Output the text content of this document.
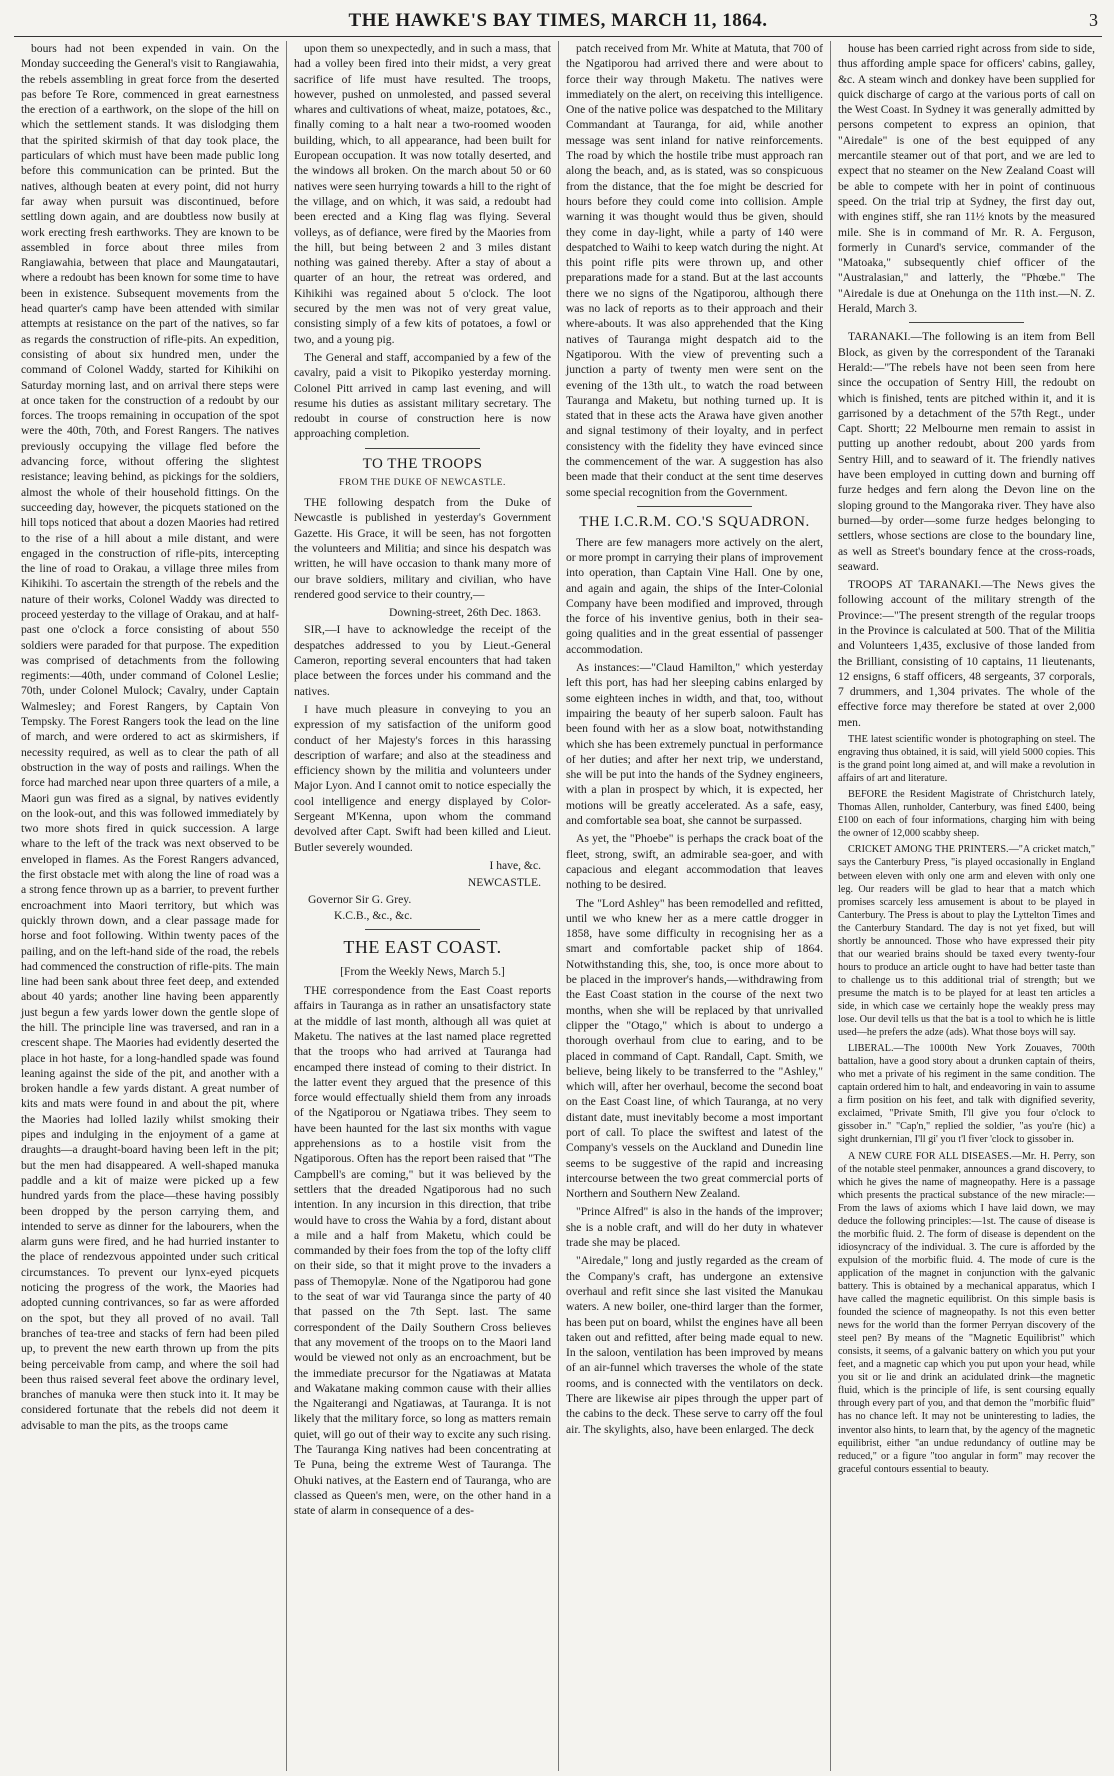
THE HAWKE'S BAY TIMES, MARCH 11, 1864.	3

bours had not been expended in vain. On the Monday succeeding the General's visit to Rangiawahia, the rebels assembling in great force from the deserted pas before Te Rore, commenced in great earnestness the erection of a earthwork, on the slope of the hill on which the settlement stands. It was dislodging them that the spirited skirmish of that day took place, the particulars of which must have been made public long before this communication can be printed. But the natives, although beaten at every point, did not hurry far away when pursuit was discontinued, before settling down again, and are doubtless now busily at work erecting fresh earthworks. They are known to be assembled in force about three miles from Rangiawahia, between that place and Maungatautari, where a redoubt has been known for some time to have been in existence. Subsequent movements from the head quarter's camp have been attended with similar attempts at resistance on the part of the natives, so far as regards the construction of rifle-pits. An expedition, consisting of about six hundred men, under the command of Colonel Waddy, started for Kihikihi on Saturday morning last, and on arrival there steps were at once taken for the construction of a redoubt by our forces. The troops remaining in occupation of the spot were the 40th, 70th, and Forest Rangers. The natives previously occupying the village fled before the advancing force, without offering the slightest resistance; leaving behind, as pickings for the soldiers, almost the whole of their household fittings. On the succeeding day, however, the picquets stationed on the hill tops noticed that about a dozen Maories had retired to the rise of a hill about a mile distant, and were engaged in the construction of rifle-pits, intercepting the line of road to Orakau, a village three miles from Kihikihi. To ascertain the strength of the rebels and the nature of their works, Colonel Waddy was directed to proceed yesterday to the village of Orakau, and at half-past one o'clock a force consisting of about 550 soldiers were paraded for that purpose. The expedition was comprised of detachments from the following regiments:—40th, under command of Colonel Leslie; 70th, under Colonel Mulock; Cavalry, under Captain Walmesley; and Forest Rangers, by Captain Von Tempsky. The Forest Rangers took the lead on the line of march, and were ordered to act as skirmishers, if necessity required, as well as to clear the path of all obstruction in the way of posts and railings. When the force had marched near upon three quarters of a mile, a Maori gun was fired as a signal, by natives evidently on the look-out, and this was followed immediately by two more shots fired in quick succession. A large whare to the left of the track was next observed to be enveloped in flames. As the Forest Rangers advanced, the first obstacle met with along the line of road was a a strong fence thrown up as a barrier, to prevent further encroachment into Maori territory, but which was quickly thrown down, and a clear passage made for horse and foot following. Within twenty paces of the pailing, and on the left-hand side of the road, the rebels had commenced the construction of rifle-pits. The main line had been sank about three feet deep, and extended about 40 yards; another line having been apparently just begun a few yards lower down the gentle slope of the hill. The principle line was traversed, and ran in a crescent shape. The Maories had evidently deserted the place in hot haste, for a long-handled spade was found leaning against the side of the pit, and another with a broken handle a few yards distant. A great number of kits and mats were found in and about the pit, where the Maories had lolled lazily whilst smoking their pipes and indulging in the enjoyment of a game at draughts—a draught-board having been left in the pit; but the men had disappeared. A well-shaped manuka paddle and a kit of maize were picked up a few hundred yards from the place—these having possibly been dropped by the person carrying them, and intended to serve as dinner for the labourers, when the alarm guns were fired, and he had hurried instanter to the place of rendezvous appointed under such critical circumstances. To prevent our lynx-eyed picquets noticing the progress of the work, the Maories had adopted cunning contrivances, so far as were afforded on the spot, but they all proved of no avail. Tall branches of tea-tree and stacks of fern had been piled up, to prevent the new earth thrown up from the pits being perceivable from camp, and where the soil had been thus raised several feet above the ordinary level, branches of manuka were then stuck into it. It may be considered fortunate that the rebels did not deem it advisable to man the pits, as the troops came

upon them so unexpectedly, and in such a mass, that had a volley been fired into their midst, a very great sacrifice of life must have resulted. The troops, however, pushed on unmolested, and passed several whares and cultivations of wheat, maize, potatoes, &c., finally coming to a halt near a two-roomed wooden building, which, to all appearance, had been built for European occupation. It was now totally deserted, and the windows all broken. On the march about 50 or 60 natives were seen hurrying towards a hill to the right of the village, and on which, it was said, a redoubt had been erected and a King flag was flying. Several volleys, as of defiance, were fired by the Maories from the hill, but being between 2 and 3 miles distant nothing was gained thereby. After a stay of about a quarter of an hour, the retreat was ordered, and Kihikihi was regained about 5 o'clock. The loot secured by the men was not of very great value, consisting simply of a few kits of potatoes, a fowl or two, and a young pig.

The General and staff, accompanied by a few of the cavalry, paid a visit to Pikopiko yesterday morning. Colonel Pitt arrived in camp last evening, and will resume his duties as assistant military secretary. The redoubt in course of construction here is now approaching completion.

TO THE TROOPS
FROM THE DUKE OF NEWCASTLE.

THE following despatch from the Duke of Newcastle is published in yesterday's Government Gazette. His Grace, it will be seen, has not forgotten the volunteers and Militia; and since his despatch was written, he will have occasion to thank many more of our brave soldiers, military and civilian, who have rendered good service to their country,—

Downing-street, 26th Dec. 1863.

SIR,—I have to acknowledge the receipt of the despatches addressed to you by Lieut.-General Cameron, reporting several encounters that had taken place between the forces under his command and the natives.

I have much pleasure in conveying to you an expression of my satisfaction of the uniform good conduct of her Majesty's forces in this harassing description of warfare; and also at the steadiness and efficiency shown by the militia and volunteers under Major Lyon. And I cannot omit to notice especially the cool intelligence and energy displayed by Color-Sergeant M'Kenna, upon whom the command devolved after Capt. Swift had been killed and Lieut. Butler severely wounded.

I have, &c.
NEWCASTLE.
Governor Sir G. Grey.
K.C.B., &c., &c.
THE EAST COAST.
[From the Weekly News, March 5.]

THE correspondence from the East Coast reports affairs in Tauranga as in rather an unsatisfactory state at the middle of last month, although all was quiet at Maketu. The natives at the last named place regretted that the troops who had arrived at Tauranga had encamped there instead of coming to their district. In the latter event they argued that the presence of this force would effectually shield them from any inroads of the Ngatiporou or Ngatiawa tribes. They seem to have been haunted for the last six months with vague apprehensions as to a hostile visit from the Ngatiporous. Often has the report been raised that "The Campbell's are coming," but it was believed by the settlers that the dreaded Ngatiporous had no such intention. In any incursion in this direction, that tribe would have to cross the Wahia by a ford, distant about a mile and a half from Maketu, which could be commanded by their foes from the top of the lofty cliff on their side, so that it might prove to the invaders a pass of Themopylæ. None of the Ngatiporou had gone to the seat of war vid Tauranga since the party of 40 that passed on the 7th Sept. last. The same correspondent of the Daily Southern Cross believes that any movement of the troops on to the Maori land would be viewed not only as an encroachment, but be the immediate precursor for the Ngatiawas at Matata and Wakatane making common cause with their allies the Ngaiterangi and Ngatiawas, at Tauranga. It is not likely that the military force, so long as matters remain quiet, will go out of their way to excite any such rising. The Tauranga King natives had been concentrating at Te Puna, being the extreme West of Tauranga. The Ohuki natives, at the Eastern end of Tauranga, who are classed as Queen's men, were, on the other hand in a state of alarm in consequence of a des-

patch received from Mr. White at Matuta, that 700 of the Ngatiporou had arrived there and were about to force their way through Maketu. The natives were immediately on the alert, on receiving this intelligence. One of the native police was despatched to the Military Commandant at Tauranga, for aid, while another message was sent inland for native reinforcements. The road by which the hostile tribe must approach ran along the beach, and, as is stated, was so conspicuous from the distance, that the foe might be descried for hours before they could come into collision. Ample warning it was thought would thus be given, should they come in day-light, while a party of 140 were despatched to Waihi to keep watch during the night. At this point rifle pits were thrown up, and other preparations made for a stand. But at the last accounts there we no signs of the Ngatiporou, although there was no lack of reports as to their approach and their where-abouts. It was also apprehended that the King natives of Tauranga might despatch aid to the Ngatiporou. With the view of preventing such a junction a party of twenty men were sent on the evening of the 13th ult., to watch the road between Tauranga and Maketu, but nothing turned up. It is stated that in these acts the Arawa have given another and signal testimony of their loyalty, and in perfect consistency with the fidelity they have evinced since the commencement of the war. A suggestion has also been made that their conduct at the sent time deserves some special recognition from the Government.

THE I.C.R.M. CO.'S SQUADRON.

There are few managers more actively on the alert, or more prompt in carrying their plans of improvement into operation, than Captain Vine Hall. One by one, and again and again, the ships of the Inter-Colonial Company have been modified and improved, through the force of his inventive genius, both in their sea-going qualities and in the great essential of passenger accommodation.

As instances:—"Claud Hamilton," which yesterday left this port, has had her sleeping cabins enlarged by some eighteen inches in width, and that, too, without impairing the beauty of her superb saloon. Fault has been found with her as a slow boat, notwithstanding which she has been extremely punctual in performance of her duties; and after her next trip, we understand, she will be put into the hands of the Sydney engineers, with a plan in prospect by which, it is expected, her motions will be greatly accelerated. As a safe, easy, and comfortable sea boat, she cannot be surpassed.

As yet, the "Phoebe" is perhaps the crack boat of the fleet, strong, swift, an admirable sea-goer, and with capacious and elegant accommodation that leaves nothing to be desired.

The "Lord Ashley" has been remodelled and refitted, until we who knew her as a mere cattle drogger in 1858, have some difficulty in recognising her as a smart and comfortable packet ship of 1864. Notwithstanding this, she, too, is once more about to be placed in the improver's hands,—withdrawing from the East Coast station in the course of the next two months, when she will be replaced by that unrivalled clipper the "Otago," which is about to undergo a thorough overhaul from clue to earing, and to be placed in command of Capt. Randall, Capt. Smith, we believe, being likely to be transferred to the "Ashley," which will, after her overhaul, become the second boat on the East Coast line, of which Tauranga, at no very distant date, must inevitably become a most important port of call. To place the swiftest and latest of the Company's vessels on the Auckland and Dunedin line seems to be suggestive of the rapid and increasing intercourse between the two great commercial ports of Northern and Southern New Zealand.

"Prince Alfred" is also in the hands of the improver; she is a noble craft, and will do her duty in whatever trade she may be placed.

"Airedale," long and justly regarded as the cream of the Company's craft, has undergone an extensive overhaul and refit since she last visited the Manukau waters. A new boiler, one-third larger than the former, has been put on board, whilst the engines have all been taken out and refitted, after being made equal to new. In the saloon, ventilation has been improved by means of an air-funnel which traverses the whole of the state rooms, and is connected with the ventilators on deck. There are likewise air pipes through the upper part of the cabins to the deck. These serve to carry off the foul air. The skylights, also, have been enlarged. The deck

house has been carried right across from side to side, thus affording ample space for officers' cabins, galley, &c. A steam winch and donkey have been supplied for quick discharge of cargo at the various ports of call on the West Coast. In Sydney it was generally admitted by persons competent to express an opinion, that "Airedale" is one of the best equipped of any mercantile steamer out of that port, and we are led to expect that no steamer on the New Zealand Coast will be able to compete with her in point of continuous speed. On the trial trip at Sydney, the first day out, with engines stiff, she ran 11½ knots by the measured mile. She is in command of Mr. R. A. Ferguson, formerly in Cunard's service, commander of the "Matoaka," subsequently chief officer of the "Australasian," and latterly, the "Phœbe." The "Airedale is due at Onehunga on the 11th inst.—N. Z. Herald, March 3.

TARANAKI.—The following is an item from Bell Block, as given by the correspondent of the Taranaki Herald:—"The rebels have not been seen from here since the occupation of Sentry Hill, the redoubt on which is finished, tents are pitched within it, and it is garrisoned by a detachment of the 57th Regt., under Capt. Shortt; 22 Melbourne men remain to assist in putting up another redoubt, about 200 yards from Sentry Hill, and to seaward of it. The friendly natives have been employed in cutting down and burning off furze hedges and fern along the Devon line on the sloping ground to the Mangoraka river. They have also burned—by order—some furze hedges belonging to settlers, whose sections are close to the boundary line, as well as Street's boundary fence at the cross-roads, seaward.

TROOPS AT TARANAKI.—The News gives the following account of the military strength of the Province:—"The present strength of the regular troops in the Province is calculated at 500. That of the Militia and Volunteers 1,435, exclusive of those landed from the Brilliant, consisting of 10 captains, 11 lieutenants, 12 ensigns, 6 staff officers, 48 sergeants, 37 corporals, 7 drummers, and 1,304 privates. The whole of the effective force may therefore be stated at over 2,000 men.

THE latest scientific wonder is photographing on steel. The engraving thus obtained, it is said, will yield 5000 copies. This is the grand point long aimed at, and will make a revolution in affairs of art and literature.

BEFORE the Resident Magistrate of Christchurch lately, Thomas Allen, runholder, Canterbury, was fined £400, being £100 on each of four informations, charging him with being the owner of 12,000 scabby sheep.

CRICKET AMONG THE PRINTERS.—"A cricket match," says the Canterbury Press, "is played occasionally in England between eleven with only one arm and eleven with only one leg. Our readers will be glad to hear that a match which promises scarcely less amusement is about to be played in Canterbury. The Press is about to play the Lyttelton Times and the Canterbury Standard. The day is not yet fixed, but will shortly be announced. Those who have expressed their pity that our wearied brains should be taxed every twenty-four hours to produce an article ought to have had better taste than to challenge us to this additional trial of strength; but we presume the match is to be played for at least ten articles a side, in which case we certainly hope the weakly press may lose. Our devil tells us that the bat is a tool to which he is little used—he prefers the adze (ads). What those boys will say.

LIBERAL.—The 1000th New York Zouaves, 700th battalion, have a good story about a drunken captain of theirs, who met a private of his regiment in the same condition. The captain ordered him to halt, and endeavoring in vain to assume a firm position on his feet, and talk with dignified severity, exclaimed, "Private Smith, I'll give you four o'clock to gissober in." "Cap'n," replied the soldier, "as you're (hic) a sight drunkernian, I'll gi' you t'l fiver 'clock to gissober in.

A NEW CURE FOR ALL DISEASES.—Mr. H. Perry, son of the notable steel penmaker, announces a grand discovery, to which he gives the name of magneopathy. Here is a passage which presents the practical substance of the new miracle:—From the laws of axioms which I have laid down, we may deduce the following principles:—1st. The cause of disease is the morbific fluid. 2. The form of disease is dependent on the idiosyncracy of the individual. 3. The cure is afforded by the expulsion of the morbific fluid. 4. The mode of cure is the application of the magnet in conjunction with the galvanic battery. This is obtained by a mechanical apparatus, which I have called the magnetic equilibrist. On this simple basis is founded the science of magneopathy. Is not this even better news for the world than the former Perryan discovery of the steel pen? By means of the "Magnetic Equilibrist" which consists, it seems, of a galvanic battery on which you put your feet, and a magnetic cap which you put upon your head, while you sit or lie and drink an acidulated drink—the magnetic fluid, which is the principle of life, is sent coursing equally through every part of you, and that demon the "morbific fluid" has no chance left. It may not be uninteresting to ladies, the inventor also hints, to learn that, by the agency of the magnetic equilibrist, either "an undue redundancy of outline may be reduced," or a figure "too angular in form" may recover the graceful contours essential to beauty.
